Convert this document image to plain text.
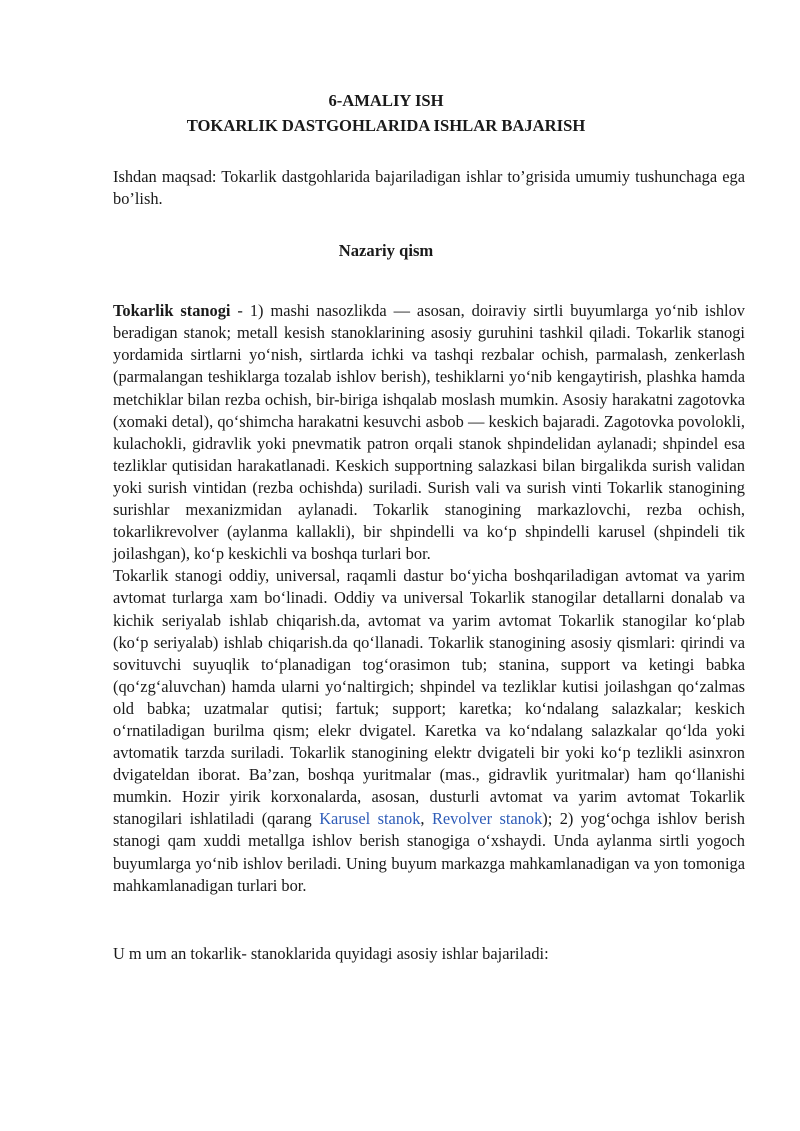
6-AMALIY ISH

TOKARLIK DASTGOHLARIDA ISHLAR BAJARISH

Ishdan maqsad: Tokarlik dastgohlarida bajariladigan ishlar to’grisida umumiy tushunchaga ega bo’lish.

Nazariy qism

Tokarlik stanogi - 1) mashi nasozlikda — asosan, doiraviy sirtli buyumlarga yo‘nib ishlov beradigan stanok; metall kesish stanoklarining asosiy guruhini tashkil qiladi. Tokarlik stanogi yordamida sirtlarni yo‘nish, sirtlarda ichki va tashqi rezbalar ochish, parmalash, zenkerlash (parmalangan teshiklarga tozalab ishlov berish), teshiklarni yo‘nib kengaytirish, plashka hamda metchiklar bilan rezba ochish, bir-biriga ishqalab moslash mumkin. Asosiy harakatni zagotovka (xomaki detal), qo‘shimcha harakatni kesuvchi asbob — keskich bajaradi. Zagotovka povolokli, kulachokli, gidravlik yoki pnevmatik patron orqali stanok shpindelidan aylanadi; shpindel esa tezliklar qutisidan harakatlanadi. Keskich supportning salazkasi bilan birgalikda surish validan yoki surish vintidan (rezba ochishda) suriladi. Surish vali va surish vinti Tokarlik stanogining surishlar mexanizmidan aylanadi. Tokarlik stanogining markazlovchi, rezba ochish, tokarlikrevolver (aylanma kallakli), bir shpindelli va ko‘p shpindelli karusel (shpindeli tik joilashgan), ko‘p keskichli va boshqa turlari bor.

Tokarlik stanogi oddiy, universal, raqamli dastur bo‘yicha boshqariladigan avtomat va yarim avtomat turlarga xam bo‘linadi. Oddiy va universal Tokarlik stanogilar detallarni donalab va kichik seriyalab ishlab chiqarish.da, avtomat va yarim avtomat Tokarlik stanogilar ko‘plab (ko‘p seriyalab) ishlab chiqarish.da qo‘llanadi. Tokarlik stanogining asosiy qismlari: qirindi va sovituvchi suyuqlik to‘planadigan tog‘orasimon tub; stanina, support va ketingi babka (qo‘zg‘aluvchan) hamda ularni yo‘naltirgich; shpindel va tezliklar kutisi joilashgan qo‘zalmas old babka; uzatmalar qutisi; fartuk; support; karetka; ko‘ndalang salazkalar; keskich o‘rnatiladigan burilma qism; elekr dvigatel. Karetka va ko‘ndalang salazkalar qo‘lda yoki avtomatik tarzda suriladi. Tokarlik stanogining elektr dvigateli bir yoki ko‘p tezlikli asinxron dvigateldan iborat. Ba’zan, boshqa yuritmalar (mas., gidravlik yuritmalar) ham qo‘llanishi mumkin. Hozir yirik korxonalarda, asosan, dusturli avtomat va yarim avtomat Tokarlik stanogilari ishlatiladi (qarang Karusel stanok, Revolver stanok); 2) yog‘ochga ishlov berish stanogi qam xuddi metallga ishlov berish stanogiga o‘xshaydi. Unda aylanma sirtli yogoch buyumlarga yo‘nib ishlov beriladi. Uning buyum markazga mahkamlanadigan va yon tomoniga mahkamlanadigan turlari bor.

U m um an tokarlik- stanoklarida quyidagi asosiy ishlar bajariladi:
